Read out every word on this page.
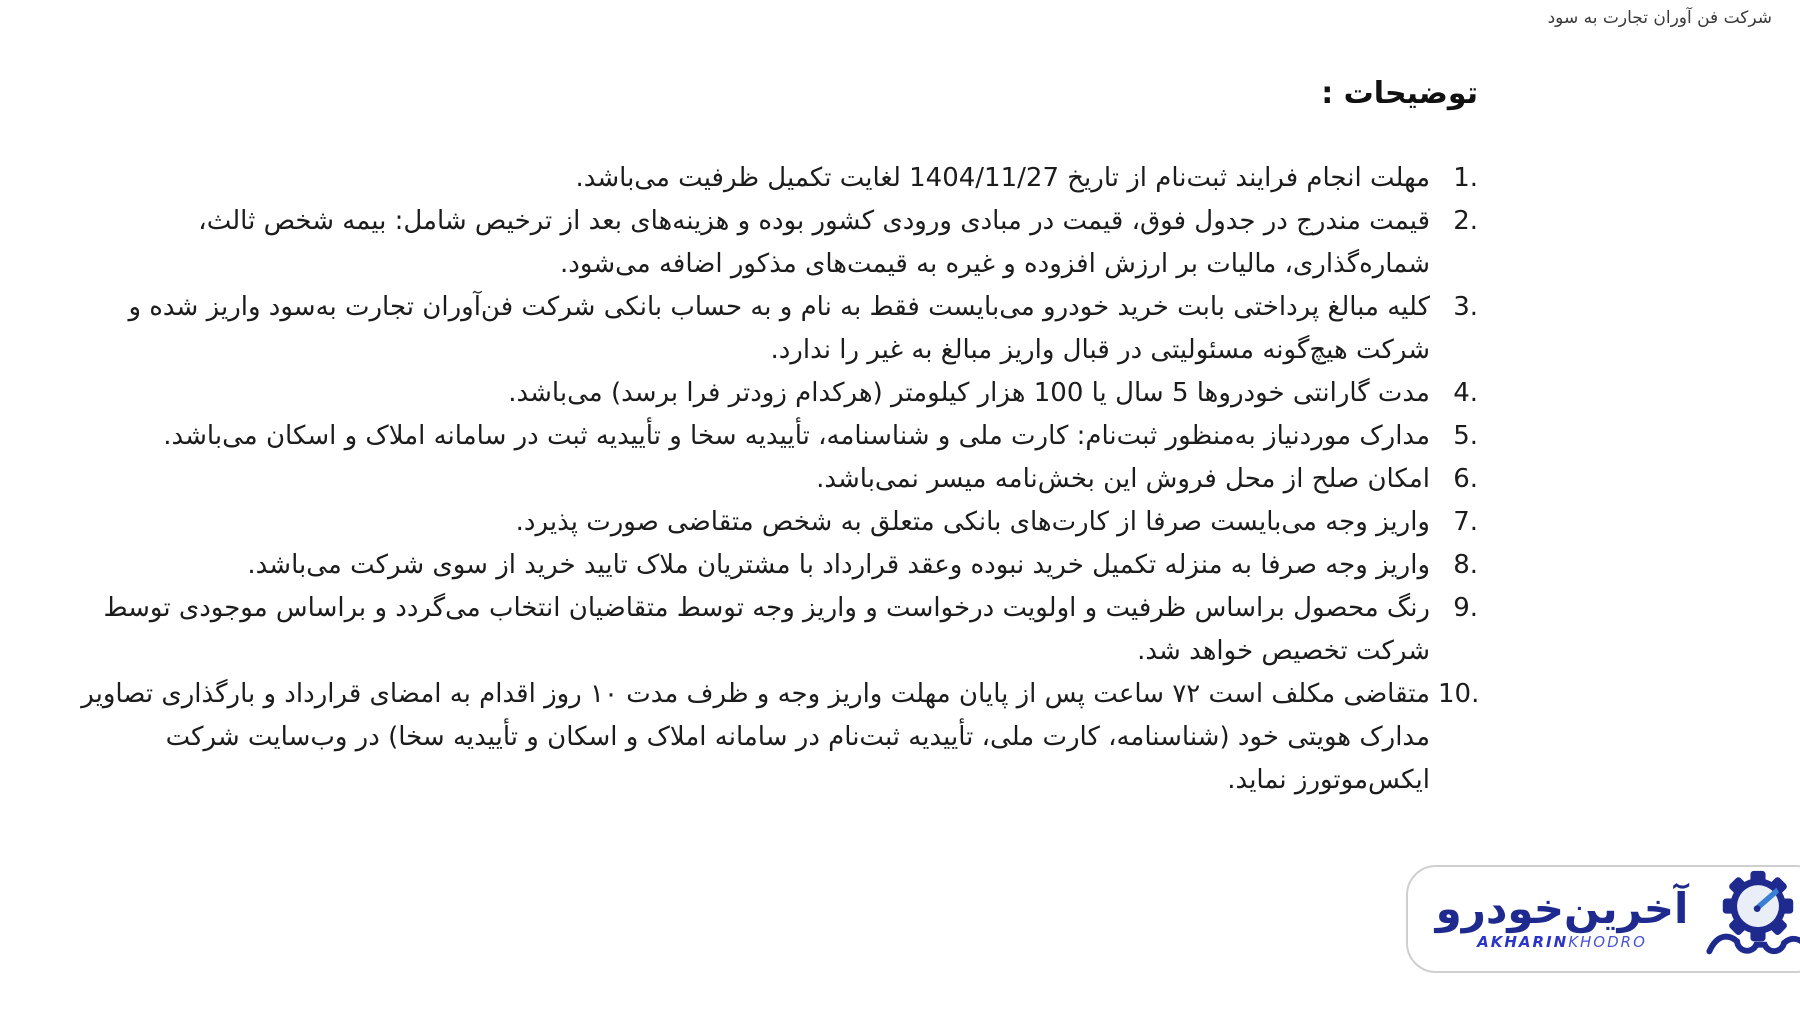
شرکت فن آوران تجارت به سود
توضیحات :
1.
مهلت انجام فرایند ثبت‌نام از تاریخ 1404/11/27 لغایت تکمیل ظرفیت می‌باشد.
2.
قیمت مندرج در جدول فوق، قیمت در مبادی ورودی کشور بوده و هزینه‌های بعد از ترخیص شامل: بیمه شخص ثالث، شماره‌گذاری، مالیات بر ارزش افزوده و غیره به قیمت‌های مذکور اضافه می‌شود.
3.
کلیه مبالغ پرداختی بابت خرید خودرو می‌بایست فقط به نام و به حساب بانکی شرکت فن‌آوران تجارت به‌سود واریز شده و شرکت هیچ‌گونه مسئولیتی در قبال واریز مبالغ به غیر را ندارد.
4.
مدت گارانتی خودروها 5 سال یا 100 هزار کیلومتر (هرکدام زودتر فرا برسد) می‌باشد.
5.
مدارک موردنیاز به‌منظور ثبت‌نام: کارت ملی و شناسنامه، تأییدیه سخا و تأییدیه ثبت در سامانه املاک و اسکان می‌باشد.
6.
امکان صلح از محل فروش این بخش‌نامه میسر نمی‌باشد.
7.
واریز وجه می‌بایست صرفا از کارت‌های بانکی متعلق به شخص متقاضی صورت پذیرد.
8.
واریز وجه صرفا به منزله تکمیل خرید نبوده وعقد قرارداد با مشتریان ملاک تایید خرید از سوی شرکت می‌باشد.
9.
رنگ محصول براساس ظرفیت و اولویت درخواست و واریز وجه توسط متقاضیان انتخاب می‌گردد و براساس موجودی توسط شرکت تخصیص خواهد شد.
10.
متقاضی مکلف است ۷۲ ساعت پس از پایان مهلت واریز وجه و ظرف مدت ۱۰ روز اقدام به امضای قرارداد و بارگذاری تصاویر مدارک هویتی خود (شناسنامه، کارت ملی، تأییدیه ثبت‌نام در سامانه املاک و اسکان و تأییدیه سخا) در وب‌سایت شرکت ایکس‌موتورز نماید.
آخرین‌خودرو
AKHARINKHODRO
